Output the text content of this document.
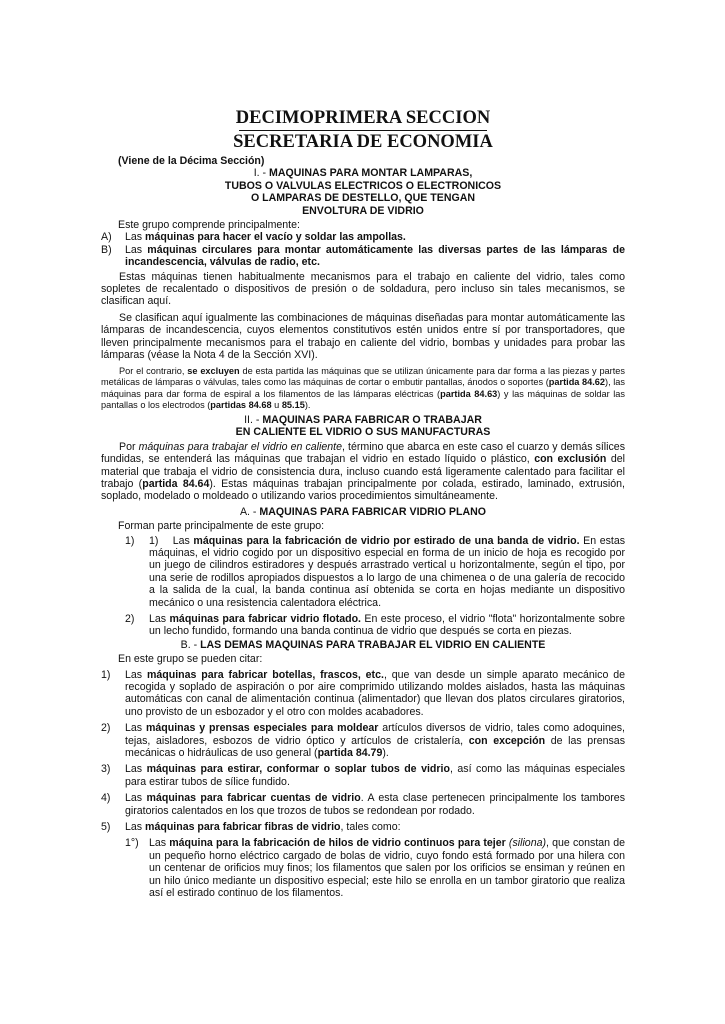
DECIMOPRIMERA SECCION
SECRETARIA DE ECONOMIA
(Viene de la Décima Sección)
I. - MAQUINAS PARA MONTAR LAMPARAS,
TUBOS O VALVULAS ELECTRICOS O ELECTRONICOS
O LAMPARAS DE DESTELLO, QUE TENGAN
ENVOLTURA DE VIDRIO
Este grupo comprende principalmente:
A) Las máquinas para hacer el vacío y soldar las ampollas.
B) Las máquinas circulares para montar automáticamente las diversas partes de las lámparas de incandescencia, válvulas de radio, etc.

Estas máquinas tienen habitualmente mecanismos para el trabajo en caliente del vidrio, tales como sopletes de recalentado o dispositivos de presión o de soldadura, pero incluso sin tales mecanismos, se clasifican aquí.

Se clasifican aquí igualmente las combinaciones de máquinas diseñadas para montar automáticamente las lámparas de incandescencia, cuyos elementos constitutivos estén unidos entre sí por transportadores, que lleven principalmente mecanismos para el trabajo en caliente del vidrio, bombas y unidades para probar las lámparas (véase la Nota 4 de la Sección XVI).

Por el contrario, se excluyen de esta partida las máquinas que se utilizan únicamente para dar forma a las piezas y partes metálicas de lámparas o válvulas, tales como las máquinas de cortar o embutir pantallas, ánodos o soportes (partida 84.62), las máquinas para dar forma de espiral a los filamentos de las lámparas eléctricas (partida 84.63) y las máquinas de soldar las pantallas o los electrodos (partidas 84.68 u 85.15).

II. - MAQUINAS PARA FABRICAR O TRABAJAR
EN CALIENTE EL VIDRIO O SUS MANUFACTURAS

Por máquinas para trabajar el vidrio en caliente, término que abarca en este caso el cuarzo y demás sílices fundidas, se entenderá las máquinas que trabajan el vidrio en estado líquido o plástico, con exclusión del material que trabaja el vidrio de consistencia dura, incluso cuando está ligeramente calentado para facilitar el trabajo (partida 84.64). Estas máquinas trabajan principalmente por colada, estirado, laminado, extrusión, soplado, modelado o moldeado o utilizando varios procedimientos simultáneamente.

A. - MAQUINAS PARA FABRICAR VIDRIO PLANO
Forman parte principalmente de este grupo:
1) 1) Las máquinas para la fabricación de vidrio por estirado de una banda de vidrio. En estas máquinas, el vidrio cogido por un dispositivo especial en forma de un inicio de hoja es recogido por un juego de cilindros estiradores y después arrastrado vertical u horizontalmente, según el tipo, por una serie de rodillos apropiados dispuestos a lo largo de una chimenea o de una galería de recocido a la salida de la cual, la banda continua así obtenida se corta en hojas mediante un dispositivo mecánico o una resistencia calentadora eléctrica.
2) Las máquinas para fabricar vidrio flotado. En este proceso, el vidrio "flota" horizontalmente sobre un lecho fundido, formando una banda continua de vidrio que después se corta en piezas.
B. - LAS DEMAS MAQUINAS PARA TRABAJAR EL VIDRIO EN CALIENTE
En este grupo se pueden citar:
1) Las máquinas para fabricar botellas, frascos, etc., que van desde un simple aparato mecánico de recogida y soplado de aspiración o por aire comprimido utilizando moldes aislados, hasta las máquinas automáticas con canal de alimentación continua (alimentador) que llevan dos platos circulares giratorios, uno provisto de un esbozador y el otro con moldes acabadores.
2) Las máquinas y prensas especiales para moldear artículos diversos de vidrio, tales como adoquines, tejas, aisladores, esbozos de vidrio óptico y artículos de cristalería, con excepción de las prensas mecánicas o hidráulicas de uso general (partida 84.79).
3) Las máquinas para estirar, conformar o soplar tubos de vidrio, así como las máquinas especiales para estirar tubos de sílice fundido.
4) Las máquinas para fabricar cuentas de vidrio. A esta clase pertenecen principalmente los tambores giratorios calentados en los que trozos de tubos se redondean por rodado.
5) Las máquinas para fabricar fibras de vidrio, tales como:
1°) Las máquina para la fabricación de hilos de vidrio continuos para tejer (siliona), que constan de un pequeño horno eléctrico cargado de bolas de vidrio, cuyo fondo está formado por una hilera con un centenar de orificios muy finos; los filamentos que salen por los orificios se ensiman y reúnen en un hilo único mediante un dispositivo especial; este hilo se enrolla en un tambor giratorio que realiza así el estirado continuo de los filamentos.
